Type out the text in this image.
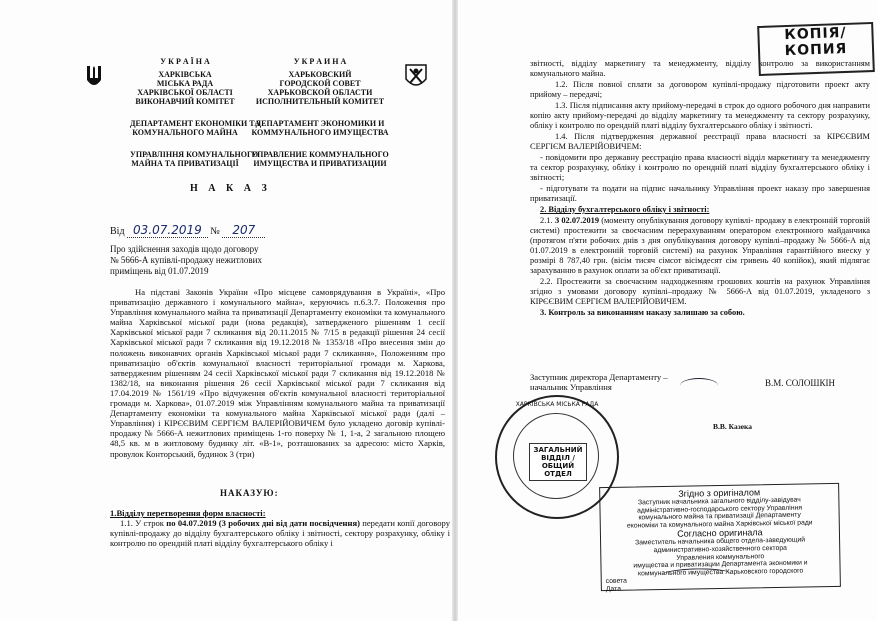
У К Р А Ї Н А
ХАРКІВСЬКА
МІСЬКА РАДА
ХАРКІВСЬКОЇ ОБЛАСТІ
ВИКОНАВЧИЙ КОМІТЕТ
ДЕПАРТАМЕНТ ЕКОНОМІКИ ТА
КОМУНАЛЬНОГО МАЙНА
УПРАВЛІННЯ КОМУНАЛЬНОГО
МАЙНА ТА ПРИВАТИЗАЦІЇ
У К Р А И Н А
ХАРЬКОВСКИЙ
ГОРОДСКОЙ СОВЕТ
ХАРЬКОВСКОЙ ОБЛАСТИ
ИСПОЛНИТЕЛЬНЫЙ КОМИТЕТ
ДЕПАРТАМЕНТ ЭКОНОМИКИ И
КОММУНАЛЬНОГО ИМУЩЕСТВА
УПРАВЛЕНИЕ КОММУНАЛЬНОГО
ИМУЩЕСТВА И ПРИВАТИЗАЦИИ
Н А К А З
Від 03.07.2019 № 207
Про здійснення заходів щодо договору
№ 5666-А купівлі-продажу нежитлових
приміщень від 01.07.2019

На підставі Законів України «Про місцеве самоврядування в Україні», «Про приватизацію державного і комунального майна», керуючись п.6.3.7. Положення про Управління комунального майна та приватизації Департаменту економіки та комунального майна Харківської міської ради (нова редакція), затвердженого рішенням 1 сесії Харківської міської ради 7 скликання від 20.11.2015 № 7/15 в редакції рішення 24 сесії Харківської міської ради 7 скликання від 19.12.2018 № 1353/18 «Про внесення змін до положень виконавчих органів Харківської міської ради 7 скликання», Положенням про приватизацію об'єктів комунальної власності територіальної громади м. Харкова, затвердженим рішенням 24 сесії Харківської міської ради 7 скликання від 19.12.2018 № 1382/18, на виконання рішення 26 сесії Харківської міської ради 7 скликання від 17.04.2019 № 1561/19 «Про відчуження об'єктів комунальної власності територіальної громади м. Харкова», 01.07.2019 між Управлінням комунального майна та приватизації Департаменту економіки та комунального майна Харківської міської ради (далі – Управління) і КІРЄЄВИМ СЕРГІЄМ ВАЛЕРІЙОВИЧЕМ було укладено договір купівлі-продажу № 5666-А нежитлових приміщень 1-го поверху № 1, 1-а, 2 загальною площею 48,5 кв. м в житловому будинку літ. «В-1», розташованих за адресою: місто Харків, провулок Конторський, будинок 3 (три)

НАКАЗУЮ:

1.Відділу перетворення форм власності:

1.1. У строк по 04.07.2019 (3 робочих дні від дати посвідчення) передати копії договору купівлі-продажу до відділу бухгалтерського обліку і звітності, сектору розрахунку, обліку і контролю по орендній платі відділу бухгалтерського обліку і

звітності, відділу маркетингу та менеджменту, відділу контролю за використанням комунального майна.

1.2. Після повної сплати за договором купівлі-продажу підготовити проект акту прийому – передачі;

1.3. Після підписання акту прийому-передачі в строк до одного робочого дня направити копію акту прийому-передачі до відділу маркетингу та менеджменту та сектору розрахунку, обліку і контролю по орендній платі відділу бухгалтерського обліку і звітності.

1.4. Після підтвердження державної реєстрації права власності за КІРЄЄВИМ СЕРГІЄМ ВАЛЕРІЙОВИЧЕМ:

- повідомити про державну реєстрацію права власності відділ маркетингу та менеджменту та сектор розрахунку, обліку і контролю по орендній платі відділу бухгалтерського обліку і звітності;

- підготувати та подати на підпис начальнику Управління проект наказу про завершення приватизації.

2. Відділу бухгалтерського обліку і звітності:

2.1. З 02.07.2019 (моменту опублікування договору купівлі- продажу в електронній торговій системі) простежити за своєчасним перерахуванням оператором електронного майданчика (протягом п'яти робочих днів з дня опублікування договору купівлі–продажу № 5666-А від 01.07.2019 в електронній торговій системі) на рахунок Управління гарантійного внеску у розмірі 8 787,40 грн. (вісім тисяч сімсот вісімдесят сім гривень 40 копійок), який підлягає зарахуванню в рахунок оплати за об'єкт приватизації.

2.2. Простежити за своєчасним надходженням грошових коштів на рахунок Управління згідно з умовами договору купівлі–продажу № 5666-А від 01.07.2019, укладеного з КІРЄЄВИМ СЕРГІЄМ ВАЛЕРІЙОВИЧЕМ.

3. Контроль за виконанням наказу залишаю за собою.

Заступник директора Департаменту –
начальник Управління	В.М. СОЛОШКІН
В.В. Казека
КОПІЯ/
КОПИЯ
ХАРКІВСЬКА МІСЬКА РАДА
ЗАГАЛЬНИЙ
ВІДДІЛ /
ОБЩИЙ ОТДЕЛ
Згідно з оригіналом
Заступник начальника загального відділу-завідувач
адміністративно-господарського сектору Управління
комунального майна та приватизації Департаменту
економіки та комунального майна Харківської міської ради
Согласно оригинала
Заместитель начальника общего отдела-заведующий
административно-хозяйственного сектора
Управления коммунального
имущества и приватизации Департамента экономики и
коммунального имущества Харьковского городского
совета
Дата
